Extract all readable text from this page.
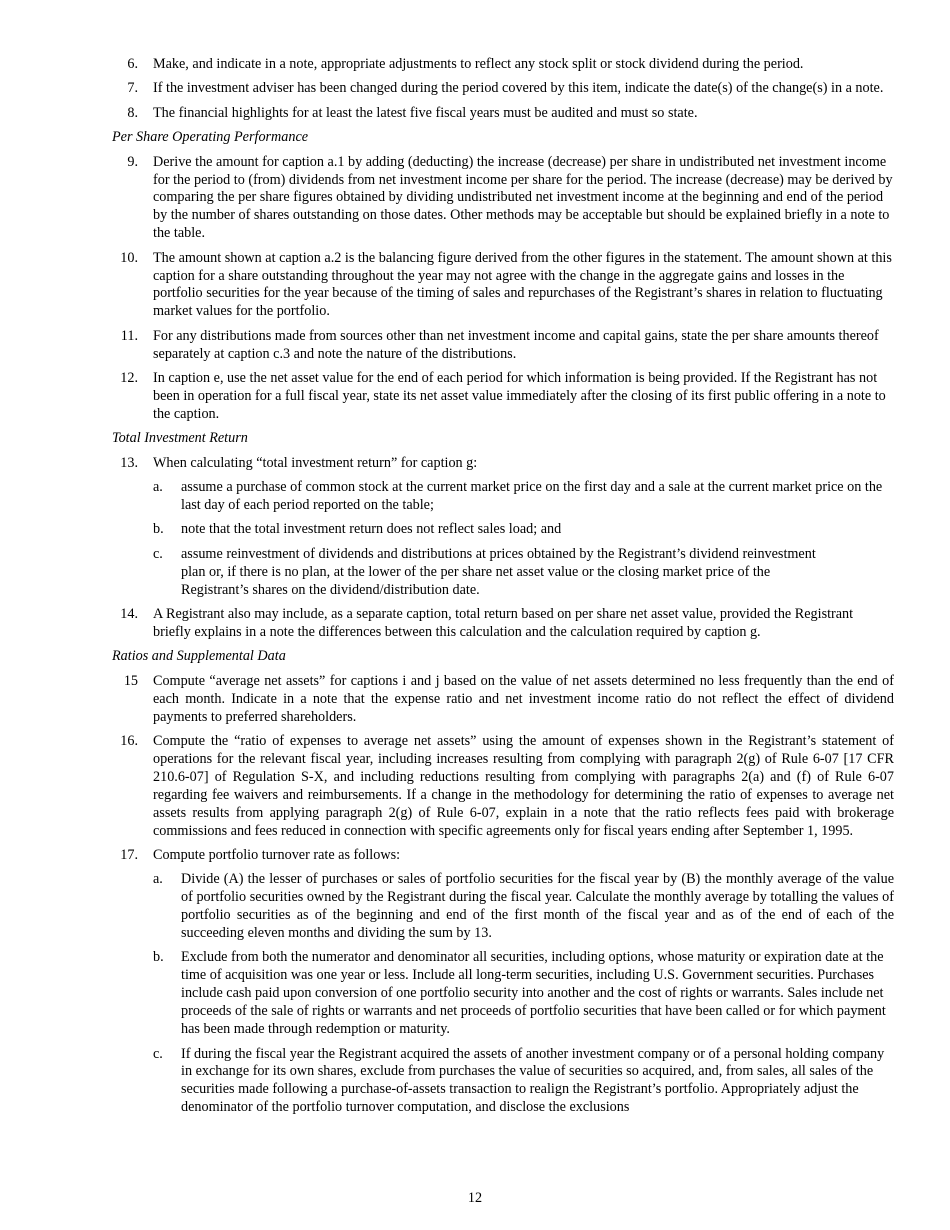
6. Make, and indicate in a note, appropriate adjustments to reflect any stock split or stock dividend during the period.
7. If the investment adviser has been changed during the period covered by this item, indicate the date(s) of the change(s) in a note.
8. The financial highlights for at least the latest five fiscal years must be audited and must so state.
Per Share Operating Performance
9. Derive the amount for caption a.1 by adding (deducting) the increase (decrease) per share in undistributed net investment income for the period to (from) dividends from net investment income per share for the period. The increase (decrease) may be derived by comparing the per share figures obtained by dividing undistributed net investment income at the beginning and end of the period by the number of shares outstanding on those dates. Other methods may be acceptable but should be explained briefly in a note to the table.
10. The amount shown at caption a.2 is the balancing figure derived from the other figures in the statement. The amount shown at this caption for a share outstanding throughout the year may not agree with the change in the aggregate gains and losses in the portfolio securities for the year because of the timing of sales and repurchases of the Registrant’s shares in relation to fluctuating market values for the portfolio.
11. For any distributions made from sources other than net investment income and capital gains, state the per share amounts thereof separately at caption c.3 and note the nature of the distributions.
12. In caption e, use the net asset value for the end of each period for which information is being provided. If the Registrant has not been in operation for a full fiscal year, state its net asset value immediately after the closing of its first public offering in a note to the caption.
Total Investment Return
13. When calculating “total investment return” for caption g:
a. assume a purchase of common stock at the current market price on the first day and a sale at the current market price on the last day of each period reported on the table;
b. note that the total investment return does not reflect sales load; and
c. assume reinvestment of dividends and distributions at prices obtained by the Registrant’s dividend reinvestment plan or, if there is no plan, at the lower of the per share net asset value or the closing market price of the Registrant’s shares on the dividend/distribution date.
14. A Registrant also may include, as a separate caption, total return based on per share net asset value, provided the Registrant briefly explains in a note the differences between this calculation and the calculation required by caption g.
Ratios and Supplemental Data
15 Compute “average net assets” for captions i and j based on the value of net assets determined no less frequently than the end of each month. Indicate in a note that the expense ratio and net investment income ratio do not reflect the effect of dividend payments to preferred shareholders.
16. Compute the “ratio of expenses to average net assets” using the amount of expenses shown in the Registrant’s statement of operations for the relevant fiscal year, including increases resulting from complying with paragraph 2(g) of Rule 6-07 [17 CFR 210.6-07] of Regulation S-X, and including reductions resulting from complying with paragraphs 2(a) and (f) of Rule 6-07 regarding fee waivers and reimbursements. If a change in the methodology for determining the ratio of expenses to average net assets results from applying paragraph 2(g) of Rule 6-07, explain in a note that the ratio reflects fees paid with brokerage commissions and fees reduced in connection with specific agreements only for fiscal years ending after September 1, 1995.
17. Compute portfolio turnover rate as follows:
a. Divide (A) the lesser of purchases or sales of portfolio securities for the fiscal year by (B) the monthly average of the value of portfolio securities owned by the Registrant during the fiscal year. Calculate the monthly average by totalling the values of portfolio securities as of the beginning and end of the first month of the fiscal year and as of the end of each of the succeeding eleven months and dividing the sum by 13.
b. Exclude from both the numerator and denominator all securities, including options, whose maturity or expiration date at the time of acquisition was one year or less. Include all long-term securities, including U.S. Government securities. Purchases include cash paid upon conversion of one portfolio security into another and the cost of rights or warrants. Sales include net proceeds of the sale of rights or warrants and net proceeds of portfolio securities that have been called or for which payment has been made through redemption or maturity.
c. If during the fiscal year the Registrant acquired the assets of another investment company or of a personal holding company in exchange for its own shares, exclude from purchases the value of securities so acquired, and, from sales, all sales of the securities made following a purchase-of-assets transaction to realign the Registrant’s portfolio. Appropriately adjust the denominator of the portfolio turnover computation, and disclose the exclusions
12
